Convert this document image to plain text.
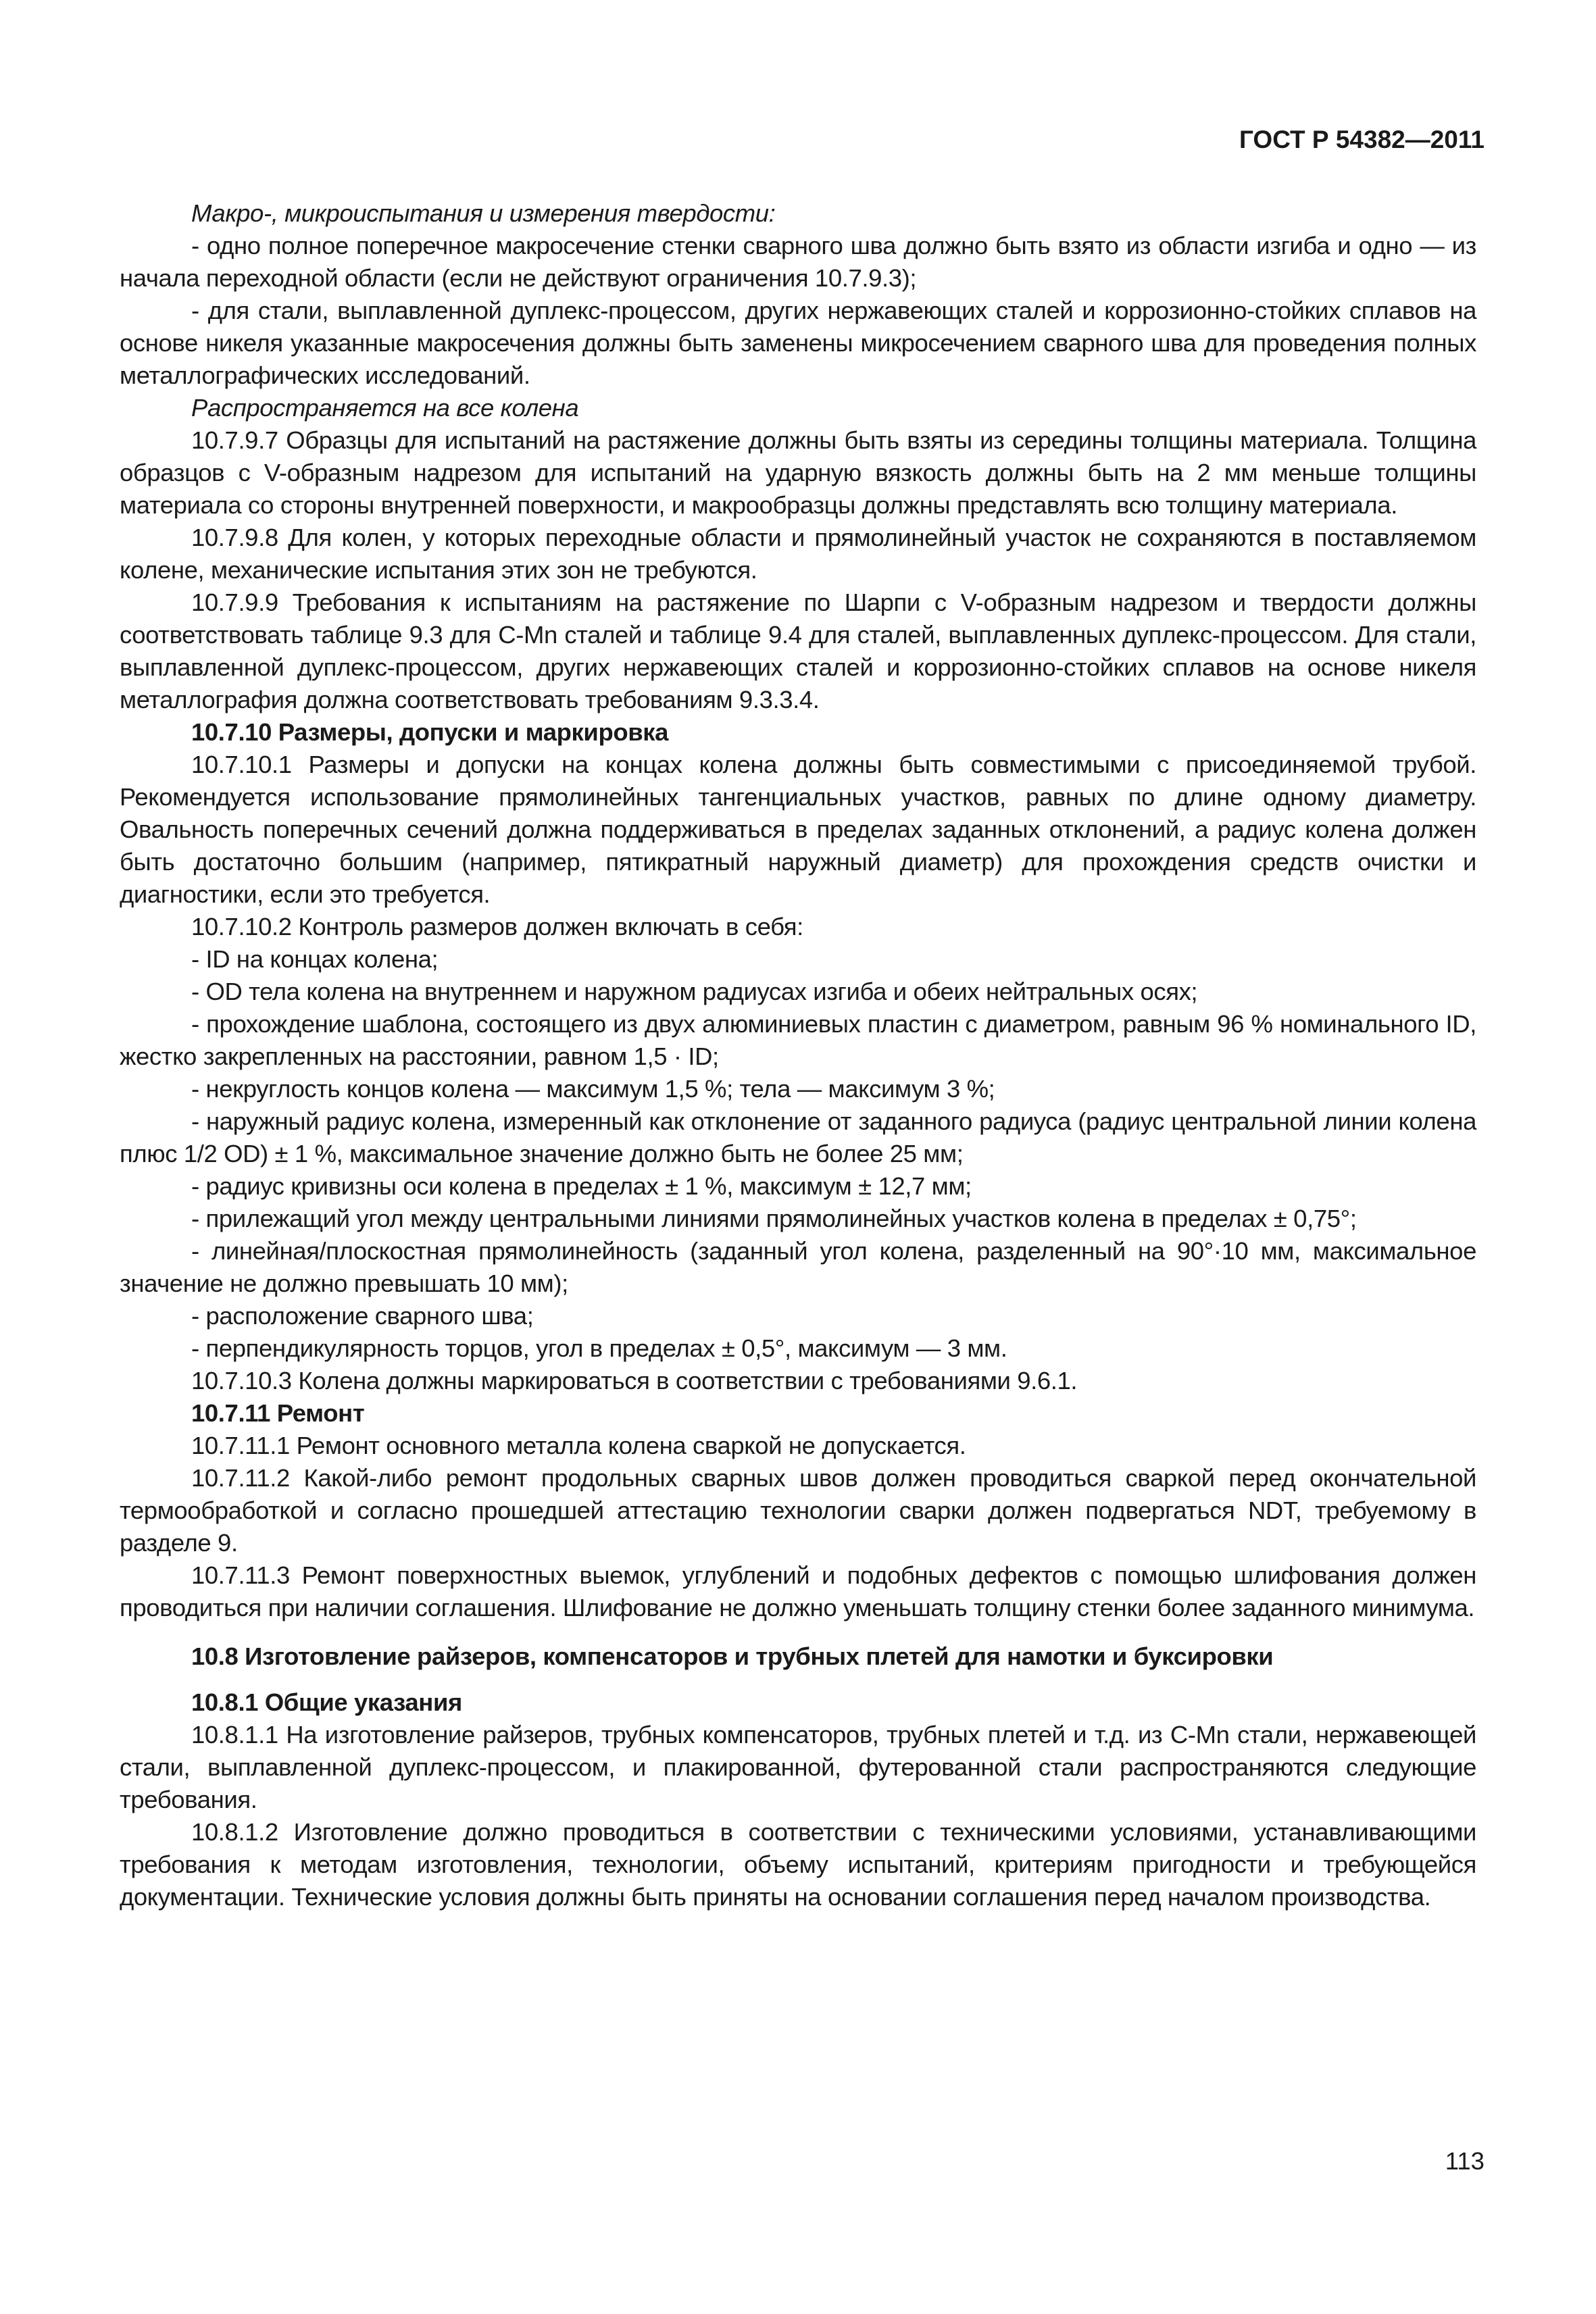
ГОСТ Р 54382—2011

Макро-, микроиспытания и измерения твердости:

- одно полное поперечное макросечение стенки сварного шва должно быть взято из области изгиба и одно — из начала переходной области (если не действуют ограничения 10.7.9.3);

- для стали, выплавленной дуплекс-процессом, других нержавеющих сталей и коррозионно-стойких сплавов на основе никеля указанные макросечения должны быть заменены микросечением сварного шва для проведения полных металлографических исследований.

Распространяется на все колена

10.7.9.7 Образцы для испытаний на растяжение должны быть взяты из середины толщины материала. Толщина образцов с V-образным надрезом для испытаний на ударную вязкость должны быть на 2 мм меньше толщины материала со стороны внутренней поверхности, и макрообразцы должны представлять всю толщину материала.

10.7.9.8 Для колен, у которых переходные области и прямолинейный участок не сохраняются в поставляемом колене, механические испытания этих зон не требуются.

10.7.9.9 Требования к испытаниям на растяжение по Шарпи с V-образным надрезом и твердости должны соответствовать таблице 9.3 для C-Mn сталей и таблице 9.4 для сталей, выплавленных дуплекс-процессом. Для стали, выплавленной дуплекс-процессом, других нержавеющих сталей и коррозионно-стойких сплавов на основе никеля металлография должна соответствовать требованиям 9.3.3.4.

10.7.10 Размеры, допуски и маркировка

10.7.10.1 Размеры и допуски на концах колена должны быть совместимыми с присоединяемой трубой. Рекомендуется использование прямолинейных тангенциальных участков, равных по длине одному диаметру. Овальность поперечных сечений должна поддерживаться в пределах заданных отклонений, а радиус колена должен быть достаточно большим (например, пятикратный наружный диаметр) для прохождения средств очистки и диагностики, если это требуется.

10.7.10.2 Контроль размеров должен включать в себя:

- ID на концах колена;

- OD тела колена на внутреннем и наружном радиусах изгиба и обеих нейтральных осях;

- прохождение шаблона, состоящего из двух алюминиевых пластин с диаметром, равным 96 % номинального ID, жестко закрепленных на расстоянии, равном 1,5 · ID;

- некруглость концов колена — максимум 1,5 %; тела — максимум 3 %;

- наружный радиус колена, измеренный как отклонение от заданного радиуса (радиус центральной линии колена плюс 1/2 OD) ± 1 %, максимальное значение должно быть не более 25 мм;

- радиус кривизны оси колена в пределах ± 1 %, максимум ± 12,7 мм;

- прилежащий угол между центральными линиями прямолинейных участков колена в пределах ± 0,75°;

- линейная/плоскостная прямолинейность (заданный угол колена, разделенный на 90°·10 мм, максимальное значение не должно превышать 10 мм);

- расположение сварного шва;

- перпендикулярность торцов, угол в пределах ± 0,5°, максимум — 3 мм.

10.7.10.3 Колена должны маркироваться в соответствии с требованиями 9.6.1.

10.7.11 Ремонт

10.7.11.1 Ремонт основного металла колена сваркой не допускается.

10.7.11.2 Какой-либо ремонт продольных сварных швов должен проводиться сваркой перед окончательной термообработкой и согласно прошедшей аттестацию технологии сварки должен подвергаться NDT, требуемому в разделе 9.

10.7.11.3 Ремонт поверхностных выемок, углублений и подобных дефектов с помощью шлифования должен проводиться при наличии соглашения. Шлифование не должно уменьшать толщину стенки более заданного минимума.

10.8 Изготовление райзеров, компенсаторов и трубных плетей для намотки и буксировки

10.8.1 Общие указания

10.8.1.1 На изготовление райзеров, трубных компенсаторов, трубных плетей и т.д. из C-Mn стали, нержавеющей стали, выплавленной дуплекс-процессом, и плакированной, футерованной стали распространяются следующие требования.

10.8.1.2 Изготовление должно проводиться в соответствии с техническими условиями, устанавливающими требования к методам изготовления, технологии, объему испытаний, критериям пригодности и требующейся документации. Технические условия должны быть приняты на основании соглашения перед началом производства.

113
